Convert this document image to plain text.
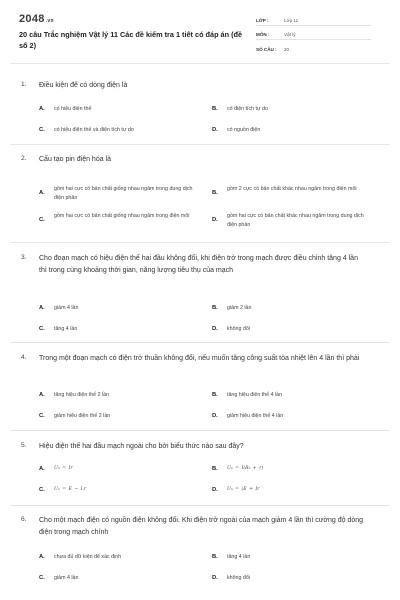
2048.vn
20 câu Trắc nghiệm Vật lý 11 Các đề kiểm tra 1 tiết có đáp án (đề số 2)
LỚP :	Lớp 11
MÔN :	Vật lý
SỐ CÂU : 20
1. Điều kiện để có dòng điện là
A. có hiệu điện thế	B. có điện tích tự do
C. có hiệu điện thế và điện tích tự do	D. có nguồn điện
2. Cấu tạo pin điện hóa là
A.
gồm hai cực có bản chất giống nhau ngâm trong dung dịch điện phân
B.
gồm 2 cực có bản chất khác nhau ngâm trong điện môi
C.
gồm hai cực có bản chất giống nhau ngâm trong điện môi
D.
gồm hai cực có bản chất khác nhau ngâm trong dung dịch điện phân
3. Cho đoạn mạch có hiệu điện thế hai đầu không đổi, khi điện trở trong mạch được điều chỉnh tăng 4 lần thì trong cùng khoảng thời gian, năng lượng tiêu thụ của mạch
A. giảm 4 lần	B. giảm 2 lần
C. tăng 4 lần	D. không đổi
4. Trong một đoạn mạch có điện trở thuần không đổi, nếu muốn tăng công suất tỏa nhiệt lên 4 lần thì phải
A. tăng hiệu điện thế 2 lần	B. tăng hiệu điện thế 4 lần
C. giảm hiệu điện thế 2 lần	D. giảm hiệu điện thế 4 lần
5. Hiệu điện thế hai đầu mạch ngoài cho bởi biểu thức nào sau đây?
A. Uₙ = Ir	B. Uₙ = I(Rₙ + r)
C. Uₙ = E − I.r	D. Uₙ = (E + Ir
6. Cho một mạch điện có nguồn điện không đổi. Khi điện trở ngoài của mạch giảm 4 lần thì cường độ dòng điện trong mạch chính
A. chưa đủ dữ kiện để xác định	B. tăng 4 lần
C. giảm 4 lần	D. không đổi
